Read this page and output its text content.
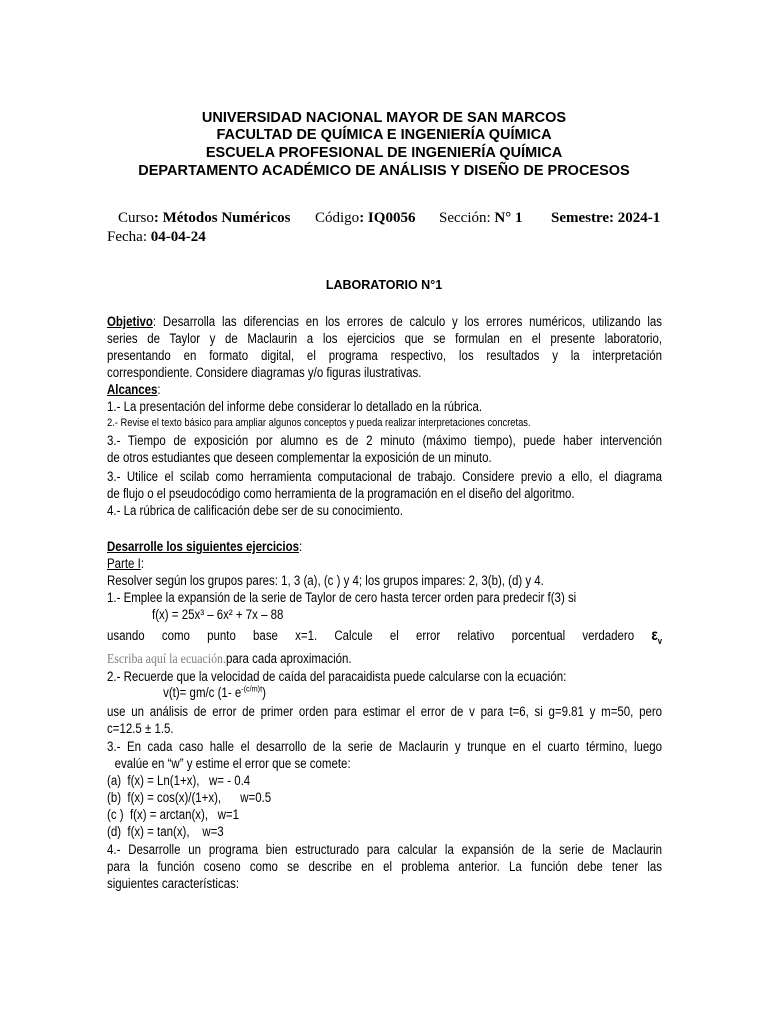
UNIVERSIDAD NACIONAL MAYOR DE SAN MARCOS
FACULTAD DE QUÍMICA E INGENIERÍA QUÍMICA
ESCUELA PROFESIONAL DE INGENIERÍA QUÍMICA
DEPARTAMENTO ACADÉMICO DE ANÁLISIS Y DISEÑO DE PROCESOS
Curso: Métodos Numéricos Código: IQ0056 Sección: N° 1 Semestre: 2024-1
Fecha: 04-04-24
LABORATORIO N°1
Objetivo: Desarrolla las diferencias en los errores de calculo y los errores numéricos, utilizando las
series de Taylor y de Maclaurin a los ejercicios que se formulan en el presente laboratorio,
presentando en formato digital, el programa respectivo, los resultados y la interpretación
correspondiente. Considere diagramas y/o figuras ilustrativas.
Alcances:
1.- La presentación del informe debe considerar lo detallado en la rúbrica.
2.- Revise el texto básico para ampliar algunos conceptos y pueda realizar interpretaciones concretas.
3.- Tiempo de exposición por alumno es de 2 minuto (máximo tiempo), puede haber intervención
de otros estudiantes que deseen complementar la exposición de un minuto.
3.- Utilice el scilab como herramienta computacional de trabajo. Considere previo a ello, el diagrama
de flujo o el pseudocódigo como herramienta de la programación en el diseño del algoritmo.
4.- La rúbrica de calificación debe ser de su conocimiento.
Desarrolle los siguientes ejercicios:
Parte I:
Resolver según los grupos pares: 1, 3 (a), (c ) y 4; los grupos impares: 2, 3(b), (d) y 4.
1.- Emplee la expansión de la serie de Taylor de cero hasta tercer orden para predecir f(3) si
f(x) = 25x³ – 6x² + 7x – 88
usando como punto base x=1. Calcule el error relativo porcentual verdadero $\varepsilon_v$
Escriba aquí la ecuación.para cada aproximación.
2.- Recuerde que la velocidad de caída del paracaidista puede calcularse con la ecuación:
v(t)= gm/c (1- $e^{-(c/m)t}$)
use un análisis de error de primer orden para estimar el error de v para t=6, si g=9.81 y m=50, pero
c=12.5 ± 1.5.
3.- En cada caso halle el desarrollo de la serie de Maclaurin y trunque en el cuarto término, luego
evalúe en “w” y estime el error que se comete:
(a)  f(x) = Ln(1+x),   w= - 0.4
(b)  f(x) = cos(x)/(1+x),      w=0.5
(c )  f(x) = arctan(x),   w=1
(d)  f(x) = tan(x),    w=3
4.- Desarrolle un programa bien estructurado para calcular la expansión de la serie de Maclaurin
para la función coseno como se describe en el problema anterior. La función debe tener las
siguientes características:
